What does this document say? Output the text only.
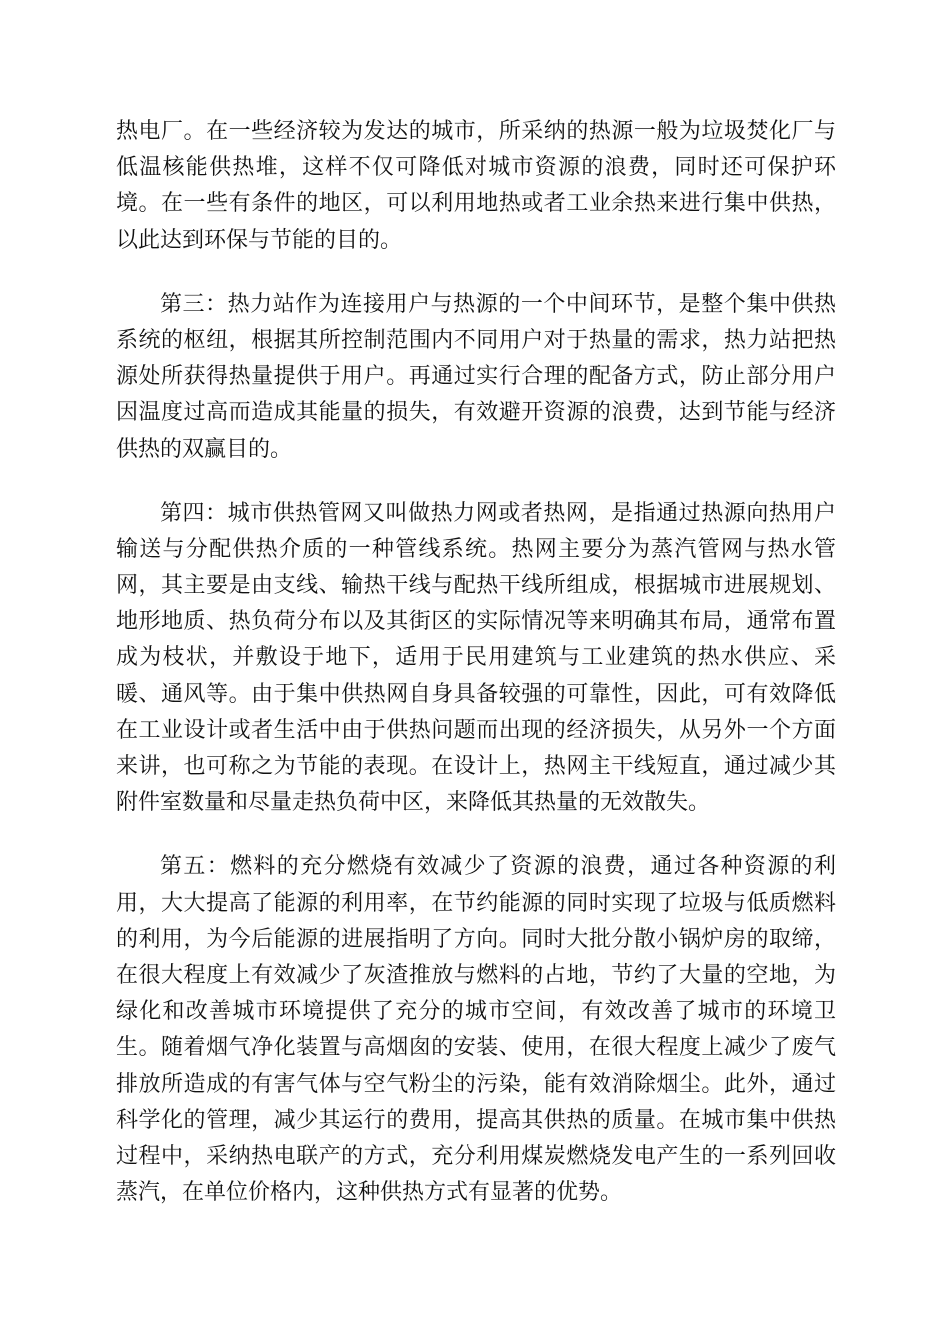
热电厂。在一些经济较为发达的城市，所采纳的热源一般为垃圾焚化厂与
低温核能供热堆，这样不仅可降低对城市资源的浪费，同时还可保护环
境。在一些有条件的地区，可以利用地热或者工业余热来进行集中供热，
以此达到环保与节能的目的。
第三：热力站作为连接用户与热源的一个中间环节，是整个集中供热
系统的枢纽，根据其所控制范围内不同用户对于热量的需求，热力站把热
源处所获得热量提供于用户。再通过实行合理的配备方式，防止部分用户
因温度过高而造成其能量的损失，有效避开资源的浪费，达到节能与经济
供热的双赢目的。
第四：城市供热管网又叫做热力网或者热网，是指通过热源向热用户
输送与分配供热介质的一种管线系统。热网主要分为蒸汽管网与热水管
网，其主要是由支线、输热干线与配热干线所组成，根据城市进展规划、
地形地质、热负荷分布以及其街区的实际情况等来明确其布局，通常布置
成为枝状，并敷设于地下，适用于民用建筑与工业建筑的热水供应、采
暖、通风等。由于集中供热网自身具备较强的可靠性，因此，可有效降低
在工业设计或者生活中由于供热问题而出现的经济损失，从另外一个方面
来讲，也可称之为节能的表现。在设计上，热网主干线短直，通过减少其
附件室数量和尽量走热负荷中区，来降低其热量的无效散失。
第五：燃料的充分燃烧有效减少了资源的浪费，通过各种资源的利
用，大大提高了能源的利用率，在节约能源的同时实现了垃圾与低质燃料
的利用，为今后能源的进展指明了方向。同时大批分散小锅炉房的取缔，
在很大程度上有效减少了灰渣推放与燃料的占地，节约了大量的空地，为
绿化和改善城市环境提供了充分的城市空间，有效改善了城市的环境卫
生。随着烟气净化装置与高烟囱的安装、使用，在很大程度上减少了废气
排放所造成的有害气体与空气粉尘的污染，能有效消除烟尘。此外，通过
科学化的管理，减少其运行的费用，提高其供热的质量。在城市集中供热
过程中，采纳热电联产的方式，充分利用煤炭燃烧发电产生的一系列回收
蒸汽，在单位价格内，这种供热方式有显著的优势。
